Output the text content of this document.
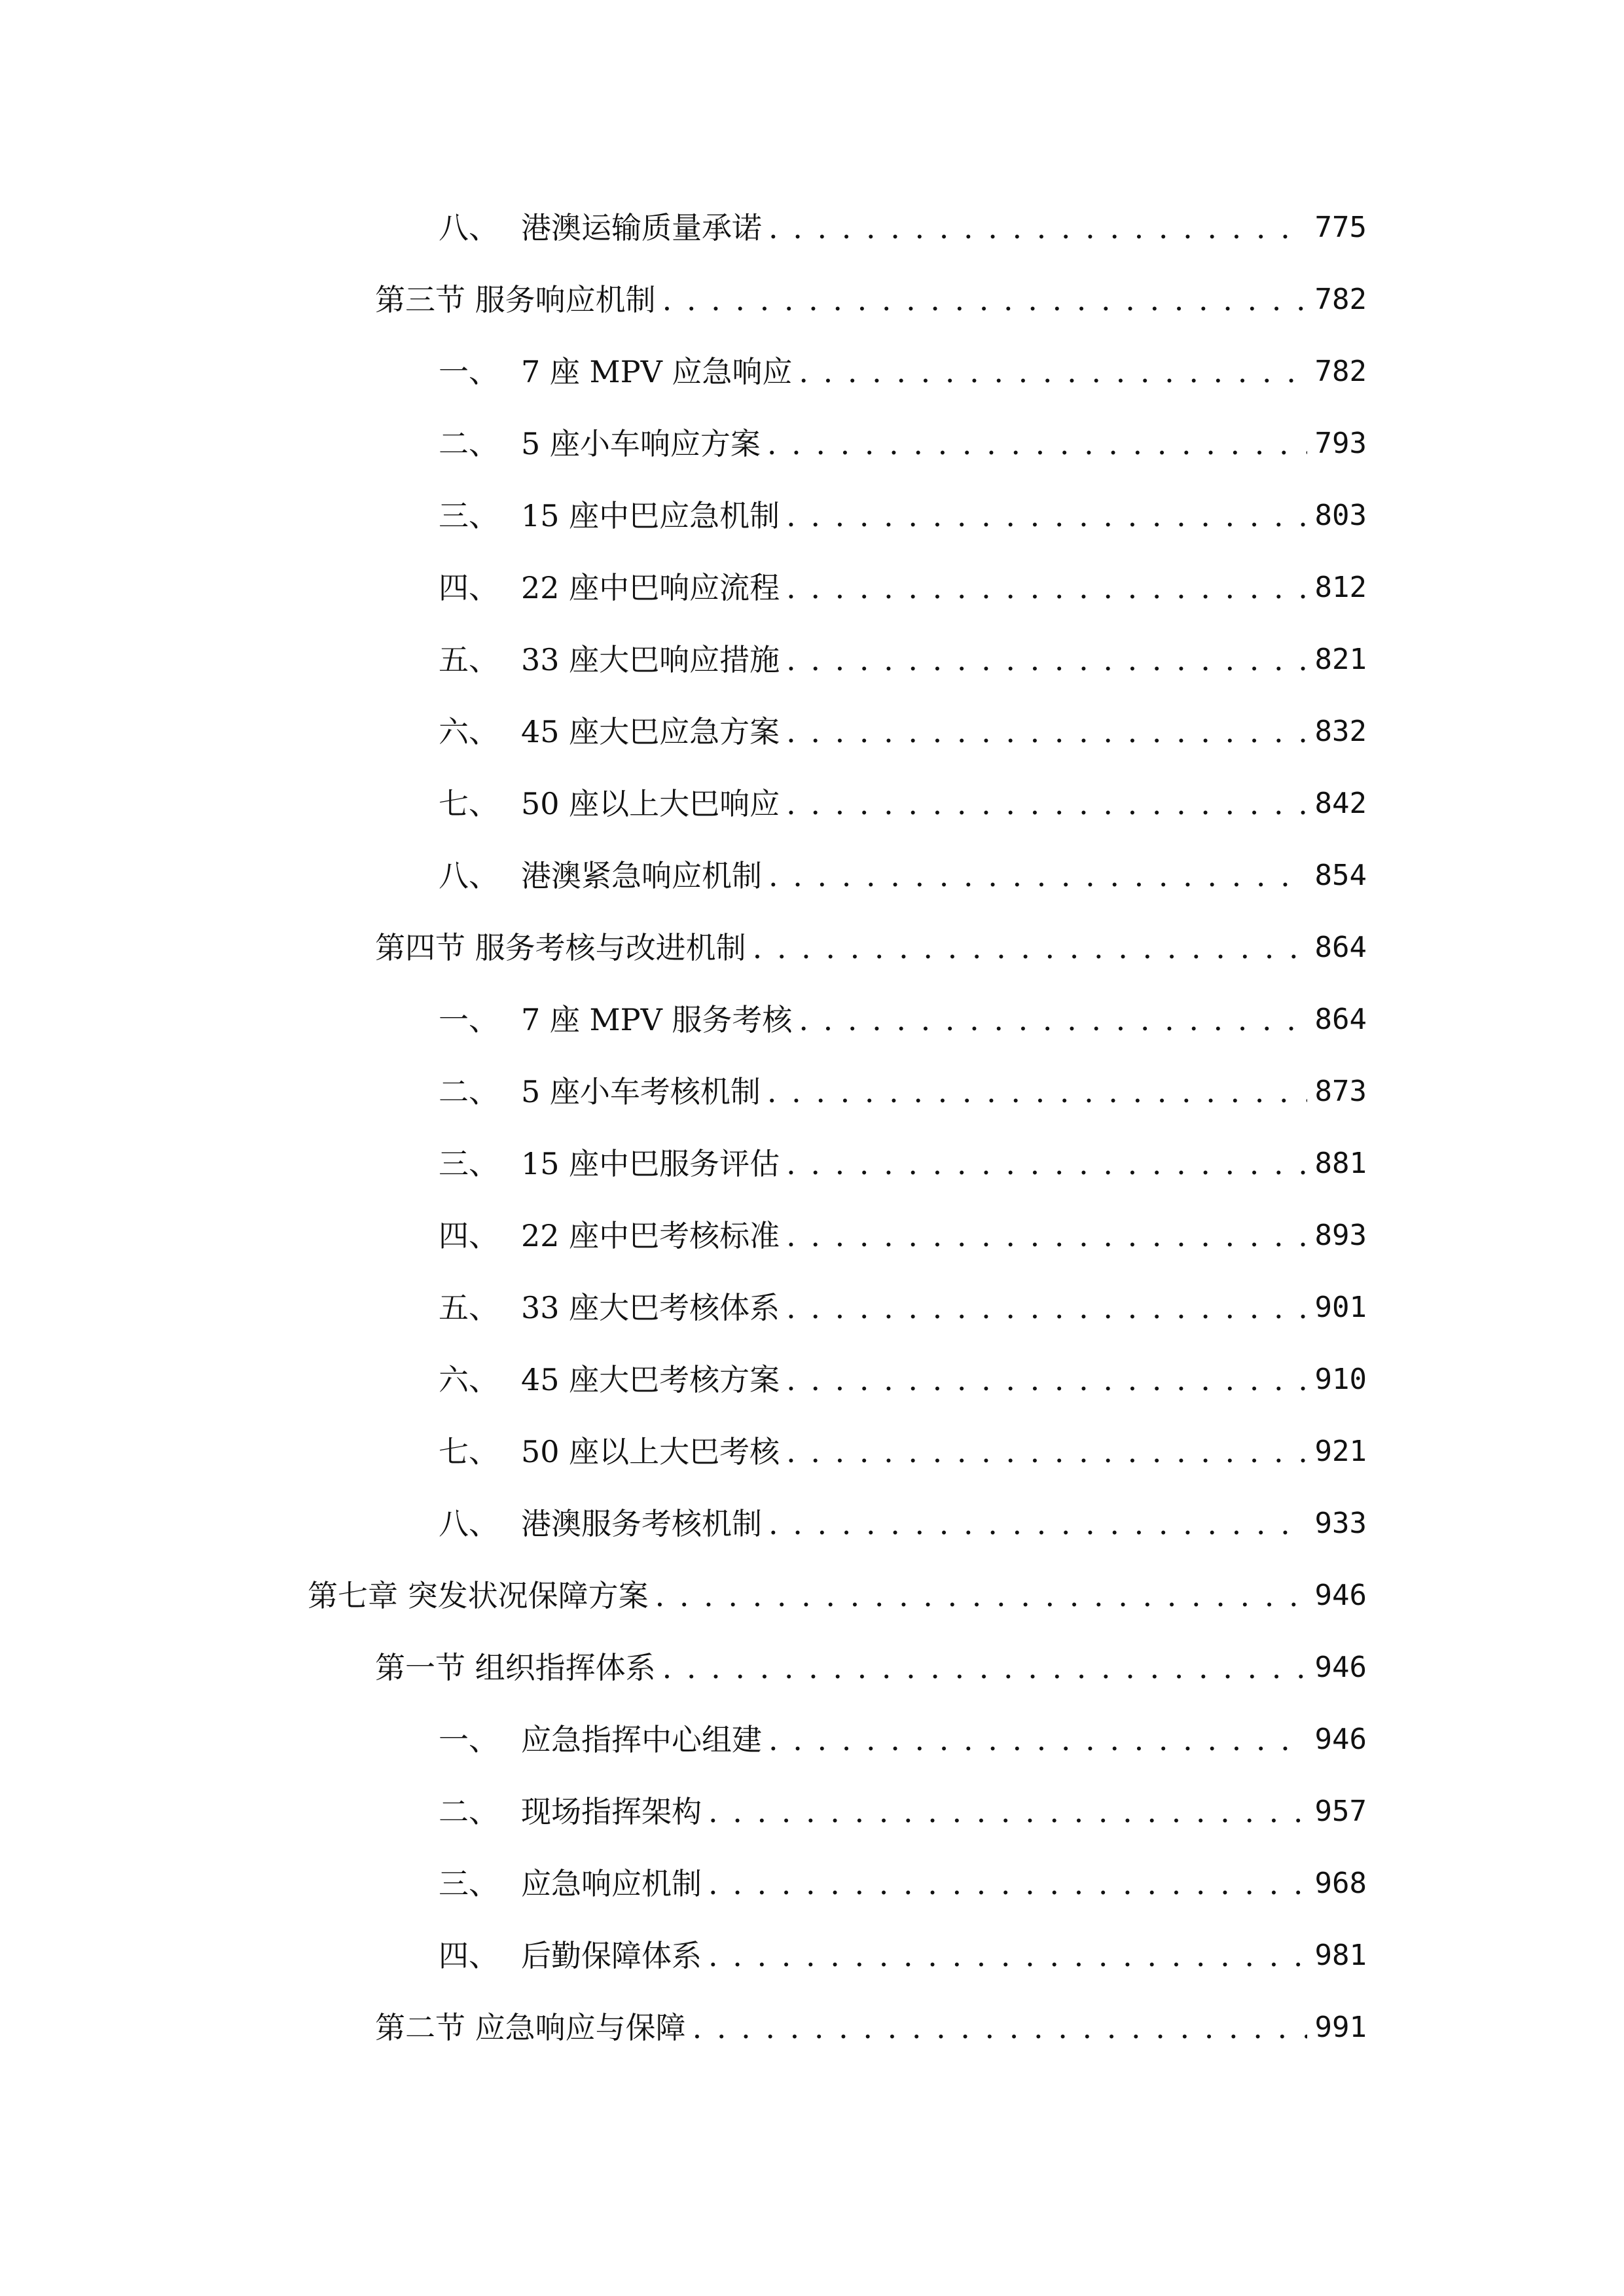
八、 港澳运输质量承诺 . . .	775
第三节 服务响应机制 . . .	782
一、 7 座 MPV 应急响应 . . .	782
二、 5 座小车响应方案 . . .	793
三、 15 座中巴应急机制 . . .	803
四、 22 座中巴响应流程 . . .	812
五、 33 座大巴响应措施 . . .	821
六、 45 座大巴应急方案 . . .	832
七、 50 座以上大巴响应 . . .	842
八、 港澳紧急响应机制 . . .	854
第四节 服务考核与改进机制 . . .	864
一、 7 座 MPV 服务考核 . . .	864
二、 5 座小车考核机制 . . .	873
三、 15 座中巴服务评估 . . .	881
四、 22 座中巴考核标准 . . .	893
五、 33 座大巴考核体系 . . .	901
六、 45 座大巴考核方案 . . .	910
七、 50 座以上大巴考核 . . .	921
八、 港澳服务考核机制 . . .	933
第七章 突发状况保障方案 . . .	946
第一节 组织指挥体系 . . .	946
一、 应急指挥中心组建 . . .	946
二、 现场指挥架构 . . .	957
三、 应急响应机制 . . .	968
四、 后勤保障体系 . . .	981
第二节 应急响应与保障 . . .	991
